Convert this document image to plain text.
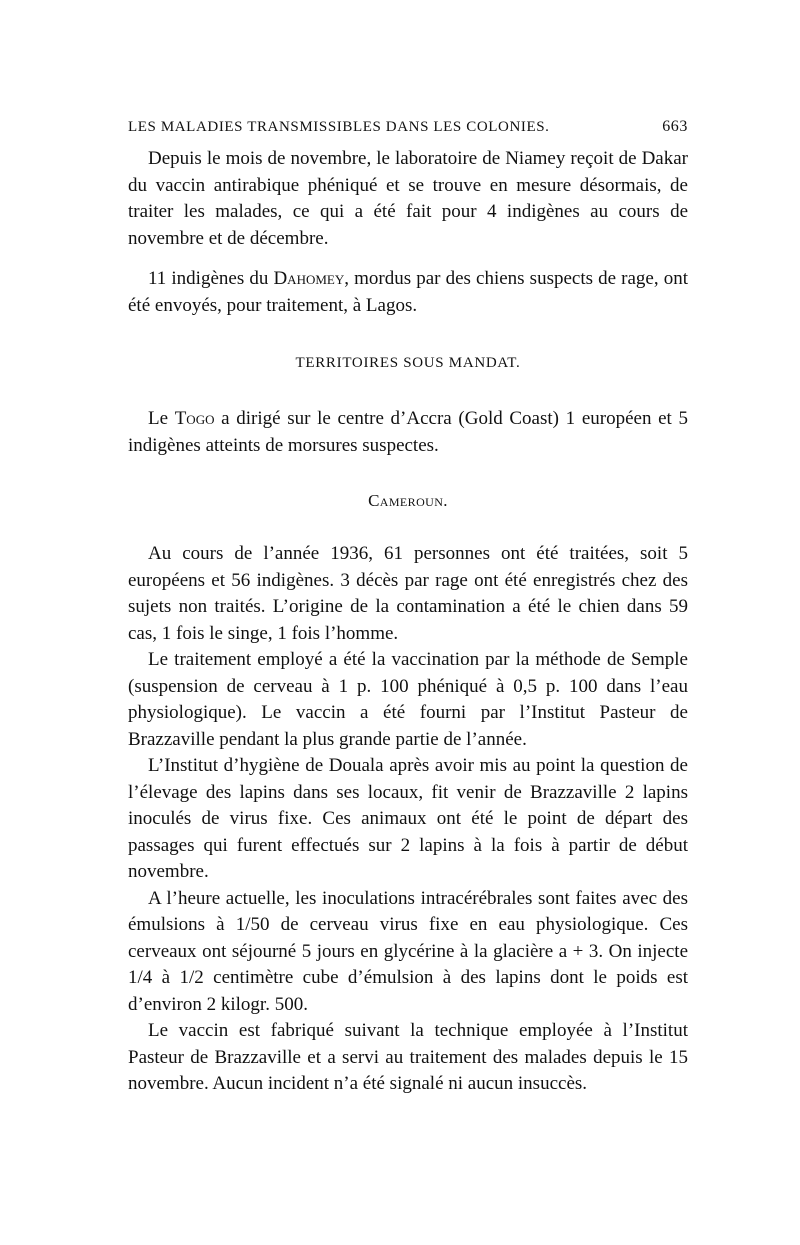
LES MALADIES TRANSMISSIBLES DANS LES COLONIES.	663

Depuis le mois de novembre, le laboratoire de Niamey reçoit de Dakar du vaccin antirabique phéniqué et se trouve en mesure désormais, de traiter les malades, ce qui a été fait pour 4 indigènes au cours de novembre et de décembre.

11 indigènes du Dahomey, mordus par des chiens suspects de rage, ont été envoyés, pour traitement, à Lagos.

TERRITOIRES SOUS MANDAT.

Le Togo a dirigé sur le centre d’Accra (Gold Coast) 1 européen et 5 indigènes atteints de morsures suspectes.

Cameroun.

Au cours de l’année 1936, 61 personnes ont été traitées, soit 5 européens et 56 indigènes. 3 décès par rage ont été enregistrés chez des sujets non traités. L’origine de la contamination a été le chien dans 59 cas, 1 fois le singe, 1 fois l’homme.

Le traitement employé a été la vaccination par la méthode de Semple (suspension de cerveau à 1 p. 100 phéniqué à 0,5 p. 100 dans l’eau physiologique). Le vaccin a été fourni par l’Institut Pasteur de Brazzaville pendant la plus grande partie de l’année.

L’Institut d’hygiène de Douala après avoir mis au point la question de l’élevage des lapins dans ses locaux, fit venir de Brazzaville 2 lapins inoculés de virus fixe. Ces animaux ont été le point de départ des passages qui furent effectués sur 2 lapins à la fois à partir de début novembre.

A l’heure actuelle, les inoculations intracérébrales sont faites avec des émulsions à 1/50 de cerveau virus fixe en eau physiologique. Ces cerveaux ont séjourné 5 jours en glycérine à la glacière a + 3. On injecte 1/4 à 1/2 centimètre cube d’émulsion à des lapins dont le poids est d’environ 2 kilogr. 500.

Le vaccin est fabriqué suivant la technique employée à l’Institut Pasteur de Brazzaville et a servi au traitement des malades depuis le 15 novembre. Aucun incident n’a été signalé ni aucun insuccès.
